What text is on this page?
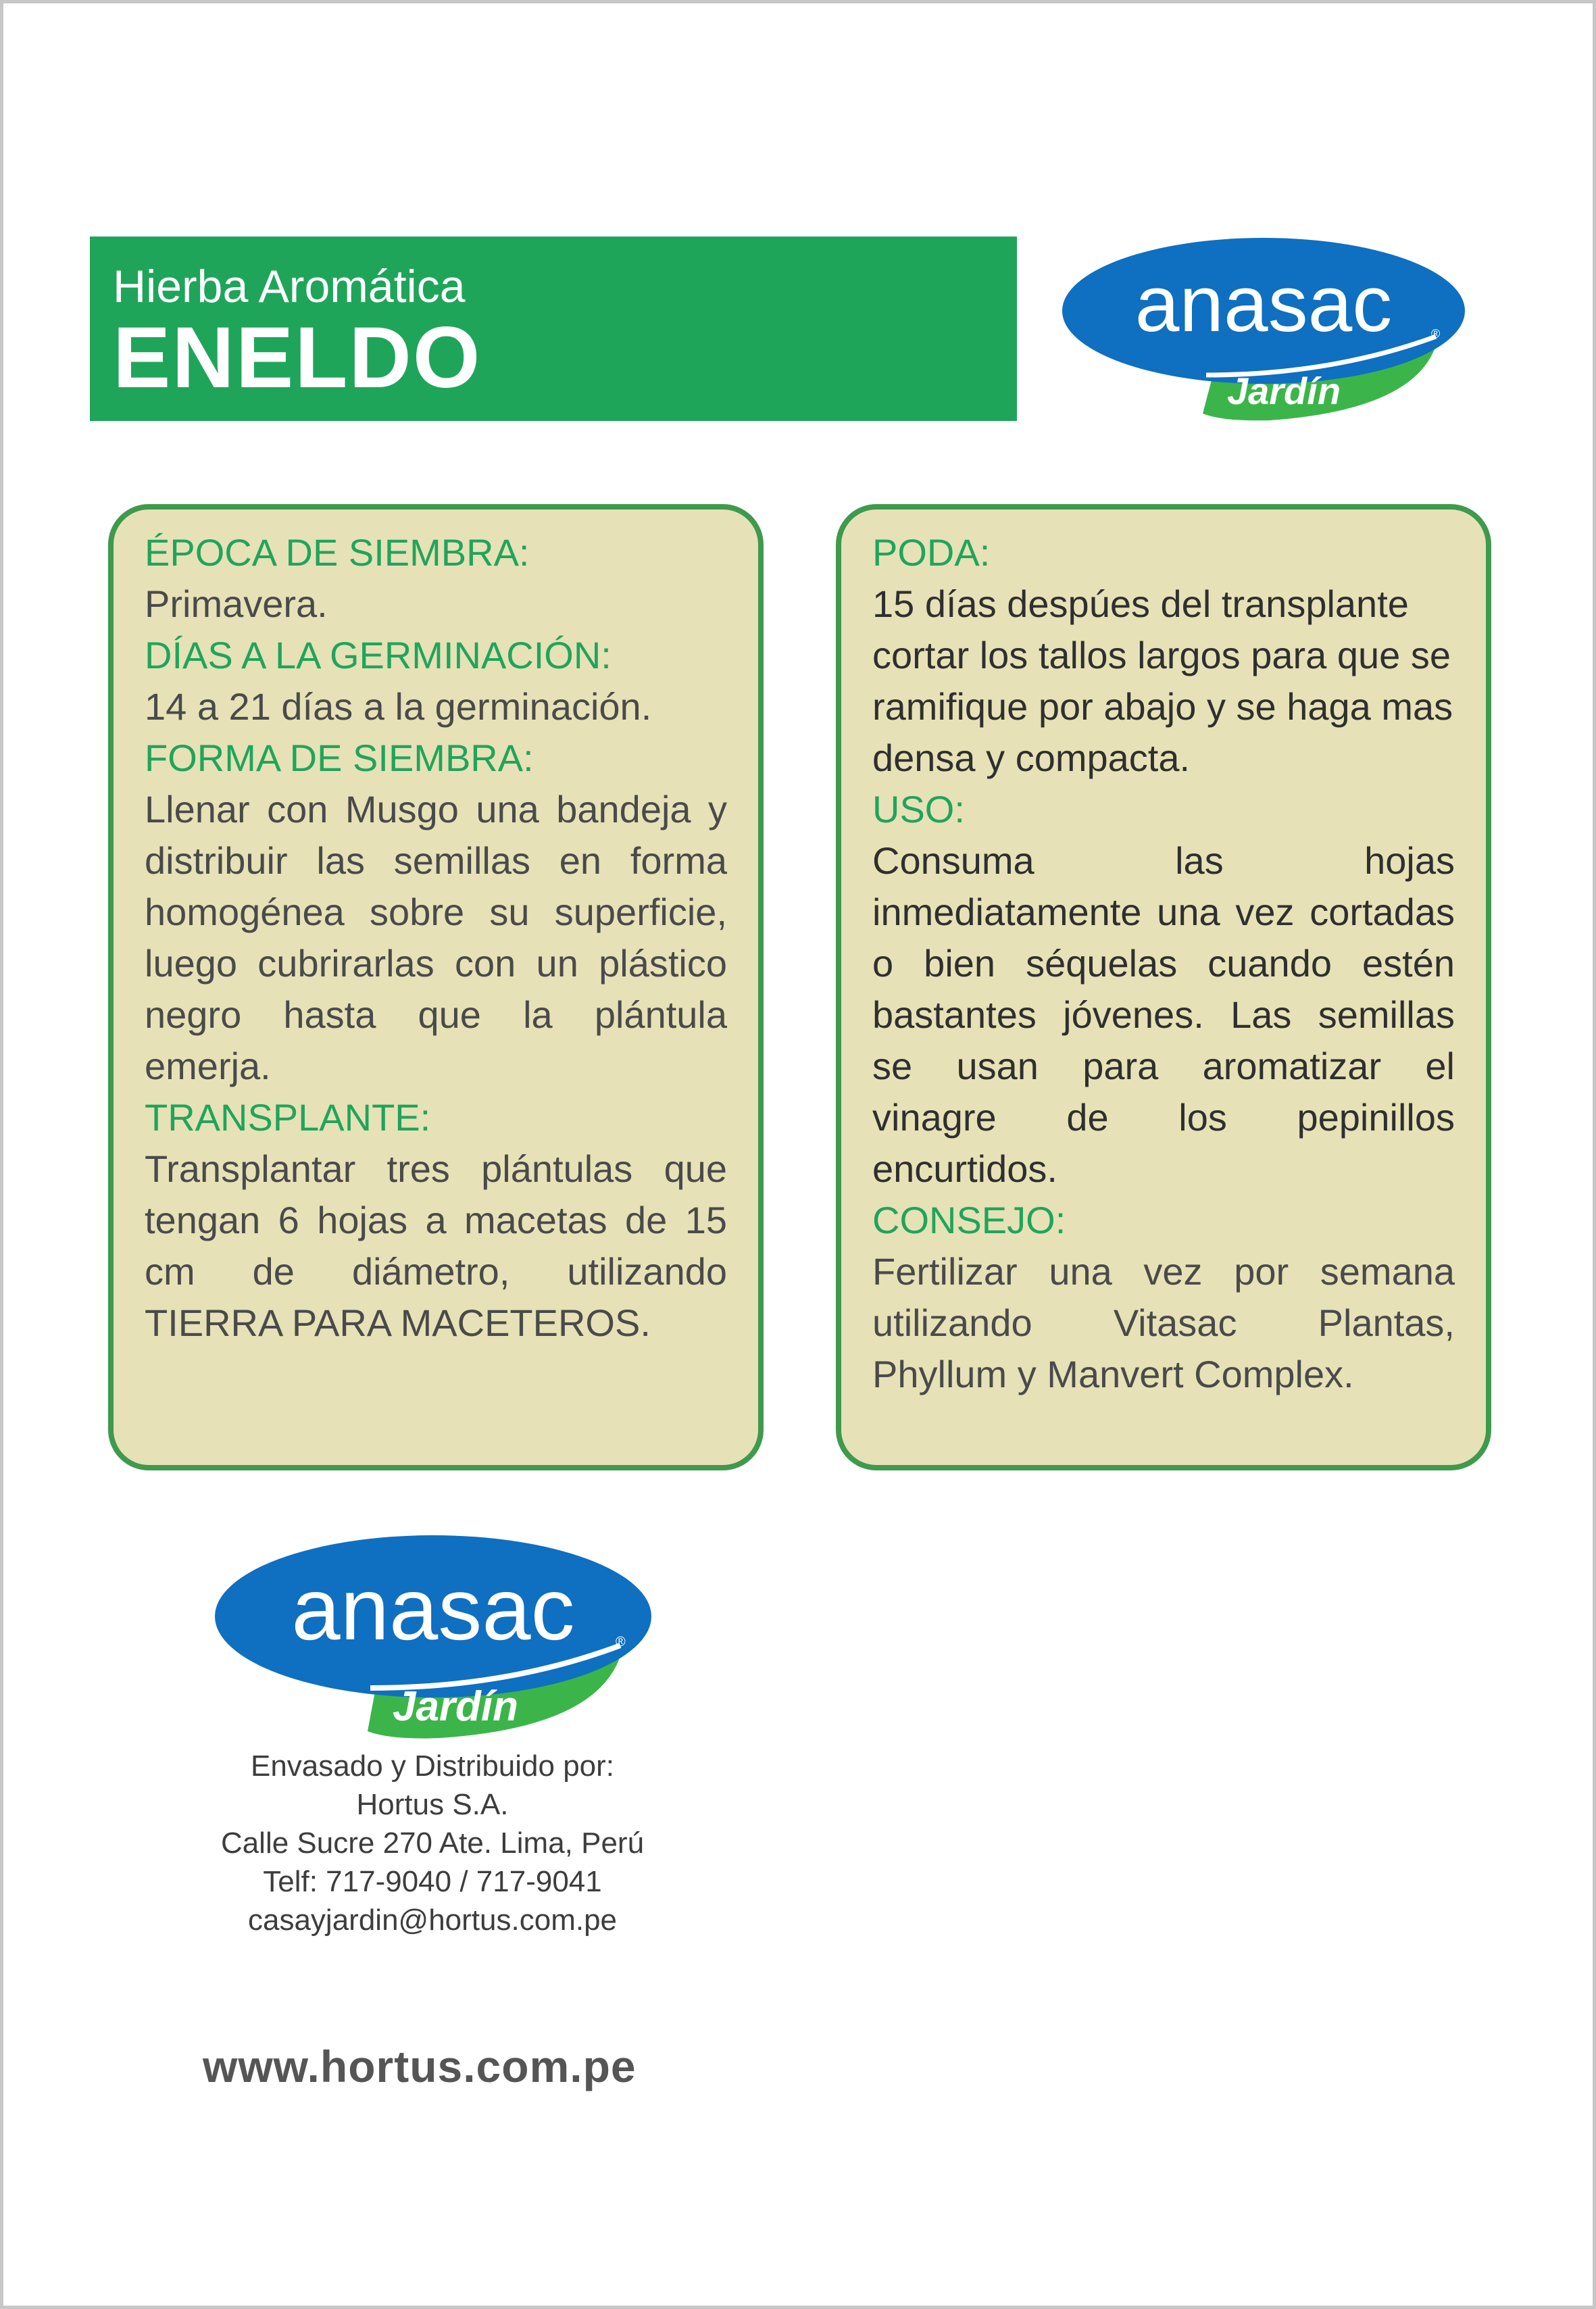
Hierba Aromática
ENELDO
anasac	®
Jardín

ÉPOCA DE SIEMBRA:

Primavera.

DÍAS A LA GERMINACIÓN:

14 a 21 días a la germinación.

FORMA DE SIEMBRA:

Llenar con Musgo una bandeja y distribuir las semillas en forma homogénea sobre su superficie, luego cubrirarlas con un plástico negro hasta que la plántula emerja.

TRANSPLANTE:

Transplantar tres plántulas que tengan 6 hojas a macetas de 15 cm de diámetro, utilizando TIERRA PARA MACETEROS.

PODA:

15 días despúes del transplante cortar los tallos largos para que se ramifique por abajo y se haga mas densa y compacta.

USO:

Consuma las hojas inmediatamente una vez cortadas o bien séquelas cuando estén bastantes jóvenes. Las semillas se usan para aromatizar el vinagre de los pepinillos encurtidos.

CONSEJO:

Fertilizar una vez por semana utilizando Vitasac Plantas, Phyllum y Manvert Complex.

anasac	®
Jardín
Envasado y Distribuido por:
Hortus S.A.
Calle Sucre 270 Ate. Lima, Perú
Telf: 717-9040 / 717-9041
casayjardin@hortus.com.pe
www.hortus.com.pe
